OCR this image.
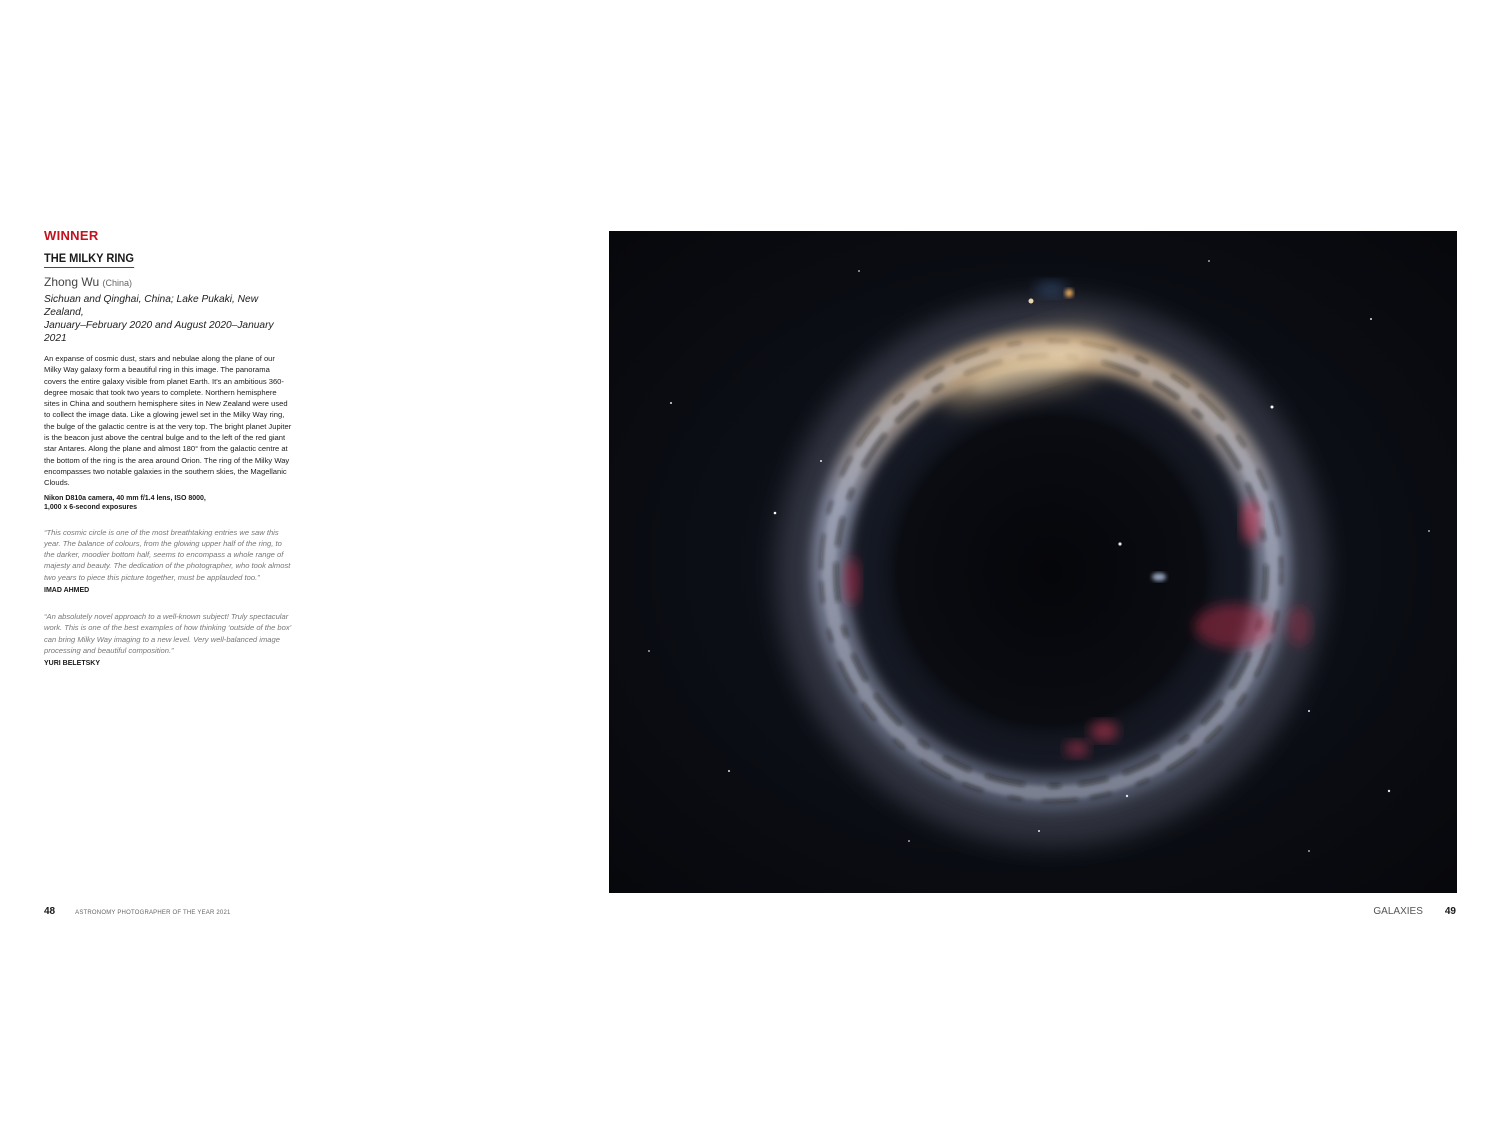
WINNER
THE MILKY RING
Zhong Wu (China)
Sichuan and Qinghai, China; Lake Pukaki, New Zealand,
January–February 2020 and August 2020–January 2021

An expanse of cosmic dust, stars and nebulae along the plane of our Milky Way galaxy form a beautiful ring in this image. The panorama covers the entire galaxy visible from planet Earth. It's an ambitious 360-degree mosaic that took two years to complete. Northern hemisphere sites in China and southern hemisphere sites in New Zealand were used to collect the image data. Like a glowing jewel set in the Milky Way ring, the bulge of the galactic centre is at the very top. The bright planet Jupiter is the beacon just above the central bulge and to the left of the red giant star Antares. Along the plane and almost 180° from the galactic centre at the bottom of the ring is the area around Orion. The ring of the Milky Way encompasses two notable galaxies in the southern skies, the Magellanic Clouds.

Nikon D810a camera, 40 mm f/1.4 lens, ISO 8000,
1,000 x 6-second exposures

“This cosmic circle is one of the most breathtaking entries we saw this year. The balance of colours, from the glowing upper half of the ring, to the darker, moodier bottom half, seems to encompass a whole range of majesty and beauty. The dedication of the photographer, who took almost two years to piece this picture together, must be applauded too.”

IMAD AHMED

“An absolutely novel approach to a well-known subject! Truly spectacular work. This is one of the best examples of how thinking ‘outside of the box’ can bring Milky Way imaging to a new level. Very well-balanced image processing and beautiful composition.”

YURI BELETSKY
48	ASTRONOMY PHOTOGRAPHER OF THE YEAR 2021	GALAXIES 49
